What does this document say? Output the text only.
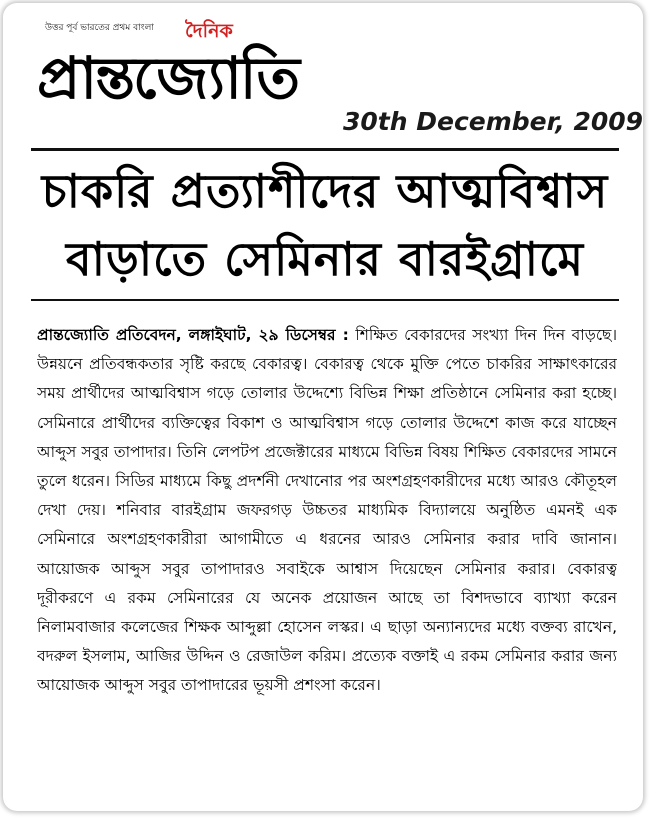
উত্তর পূর্ব ভারতের প্রথম বাংলা দৈনিক
প্রান্তজ্যোতি
30th December, 2009
চাকরি প্রত্যাশীদের আত্মবিশ্বাস
বাড়াতে সেমিনার বারইগ্রামে
প্রান্তজ্যোতি প্রতিবেদন, লঙ্গাইঘাট, ২৯ ডিসেম্বর : শিক্ষিত বেকারদের সংখ্যা দিন দিন বাড়ছে। উন্নয়নে প্রতিবন্ধকতার সৃষ্টি করছে বেকারত্ব। বেকারত্ব থেকে মুক্তি পেতে চাকরির সাক্ষাৎকারের সময় প্রার্থীদের আত্মবিশ্বাস গড়ে তোলার উদ্দেশ্যে বিভিন্ন শিক্ষা প্রতিষ্ঠানে সেমিনার করা হচ্ছে। সেমিনারে প্রার্থীদের ব্যক্তিত্বের বিকাশ ও আত্মবিশ্বাস গড়ে তোলার উদ্দেশে কাজ করে যাচ্ছেন আব্দুস সবুর তাপাদার। তিনি লেপটপ প্রজেক্টারের মাধ্যমে বিভিন্ন বিষয় শিক্ষিত বেকারদের সামনে তুলে ধরেন। সিডির মাধ্যমে কিছু প্রদর্শনী দেখানোর পর অংশগ্রহণকারীদের মধ্যে আরও কৌতূহল দেখা দেয়। শনিবার বারইগ্রাম জফরগড় উচ্চতর মাধ্যমিক বিদ্যালয়ে অনুষ্ঠিত এমনই এক সেমিনারে অংশগ্রহণকারীরা আগামীতে এ ধরনের আরও সেমিনার করার দাবি জানান। আয়োজক আব্দুস সবুর তাপাদারও সবাইকে আশ্বাস দিয়েছেন সেমিনার করার। বেকারত্ব দূরীকরণে এ রকম সেমিনারের যে অনেক প্রয়োজন আছে তা বিশদভাবে ব্যাখ্যা করেন নিলামবাজার কলেজের শিক্ষক আব্দুল্লা হোসেন লস্কর। এ ছাড়া অন্যান্যদের মধ্যে বক্তব্য রাখেন, বদরুল ইসলাম, আজির উদ্দিন ও রেজাউল করিম। প্রত্যেক বক্তাই এ রকম সেমিনার করার জন্য আয়োজক আব্দুস সবুর তাপাদারের ভূয়সী প্রশংসা করেন।
